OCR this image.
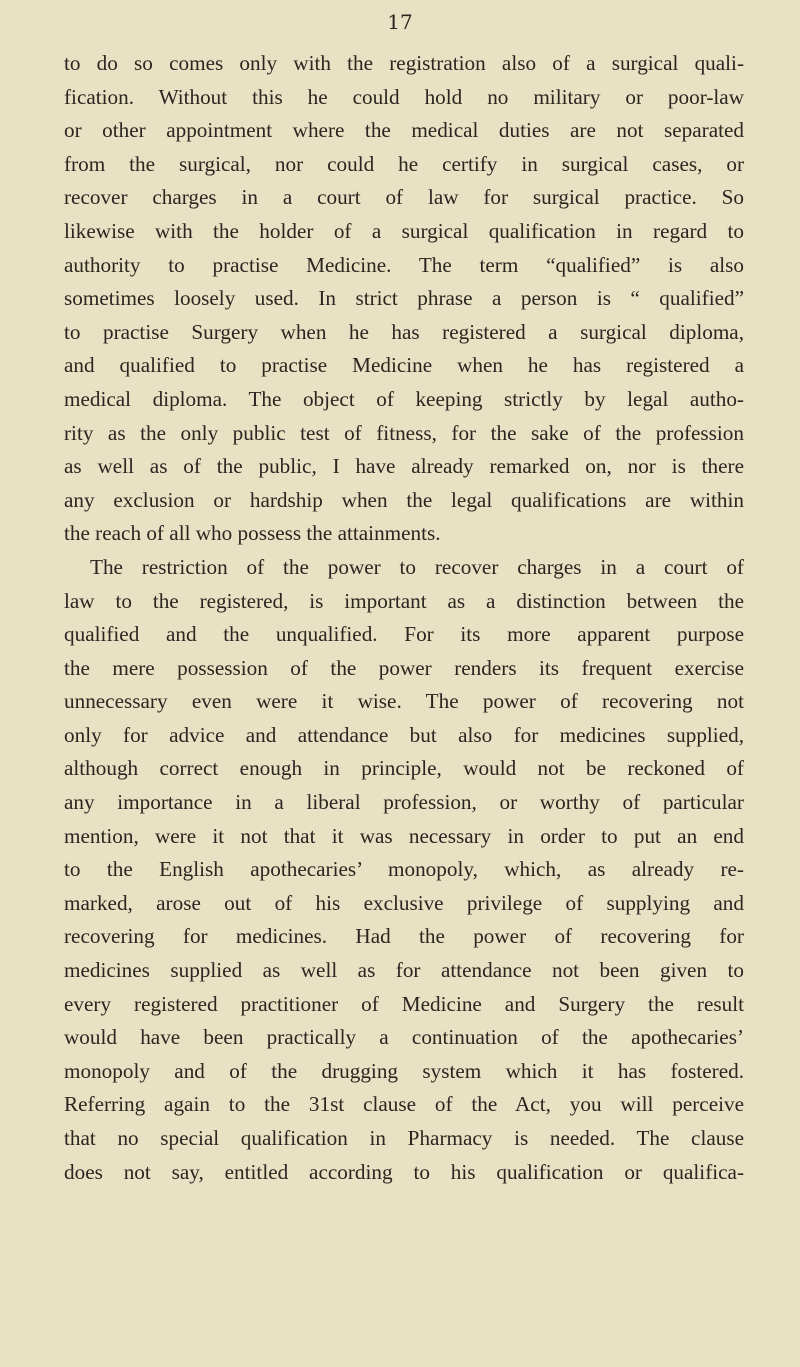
17
to do so comes only with the registration also of a surgical quali-
fication. Without this he could hold no military or poor-law
or other appointment where the medical duties are not separated
from the surgical, nor could he certify in surgical cases, or
recover charges in a court of law for surgical practice. So
likewise with the holder of a surgical qualification in regard to
authority to practise Medicine. The term “qualified” is also
sometimes loosely used. In strict phrase a person is “ qualified”
to practise Surgery when he has registered a surgical diploma,
and qualified to practise Medicine when he has registered a
medical diploma. The object of keeping strictly by legal autho-
rity as the only public test of fitness, for the sake of the profession
as well as of the public, I have already remarked on, nor is there
any exclusion or hardship when the legal qualifications are within
the reach of all who possess the attainments.
The restriction of the power to recover charges in a court of
law to the registered, is important as a distinction between the
qualified and the unqualified. For its more apparent purpose
the mere possession of the power renders its frequent exercise
unnecessary even were it wise. The power of recovering not
only for advice and attendance but also for medicines supplied,
although correct enough in principle, would not be reckoned of
any importance in a liberal profession, or worthy of particular
mention, were it not that it was necessary in order to put an end
to the English apothecaries’ monopoly, which, as already re-
marked, arose out of his exclusive privilege of supplying and
recovering for medicines. Had the power of recovering for
medicines supplied as well as for attendance not been given to
every registered practitioner of Medicine and Surgery the result
would have been practically a continuation of the apothecaries’
monopoly and of the drugging system which it has fostered.
Referring again to the 31st clause of the Act, you will perceive
that no special qualification in Pharmacy is needed. The clause
does not say, entitled according to his qualification or qualifica-
